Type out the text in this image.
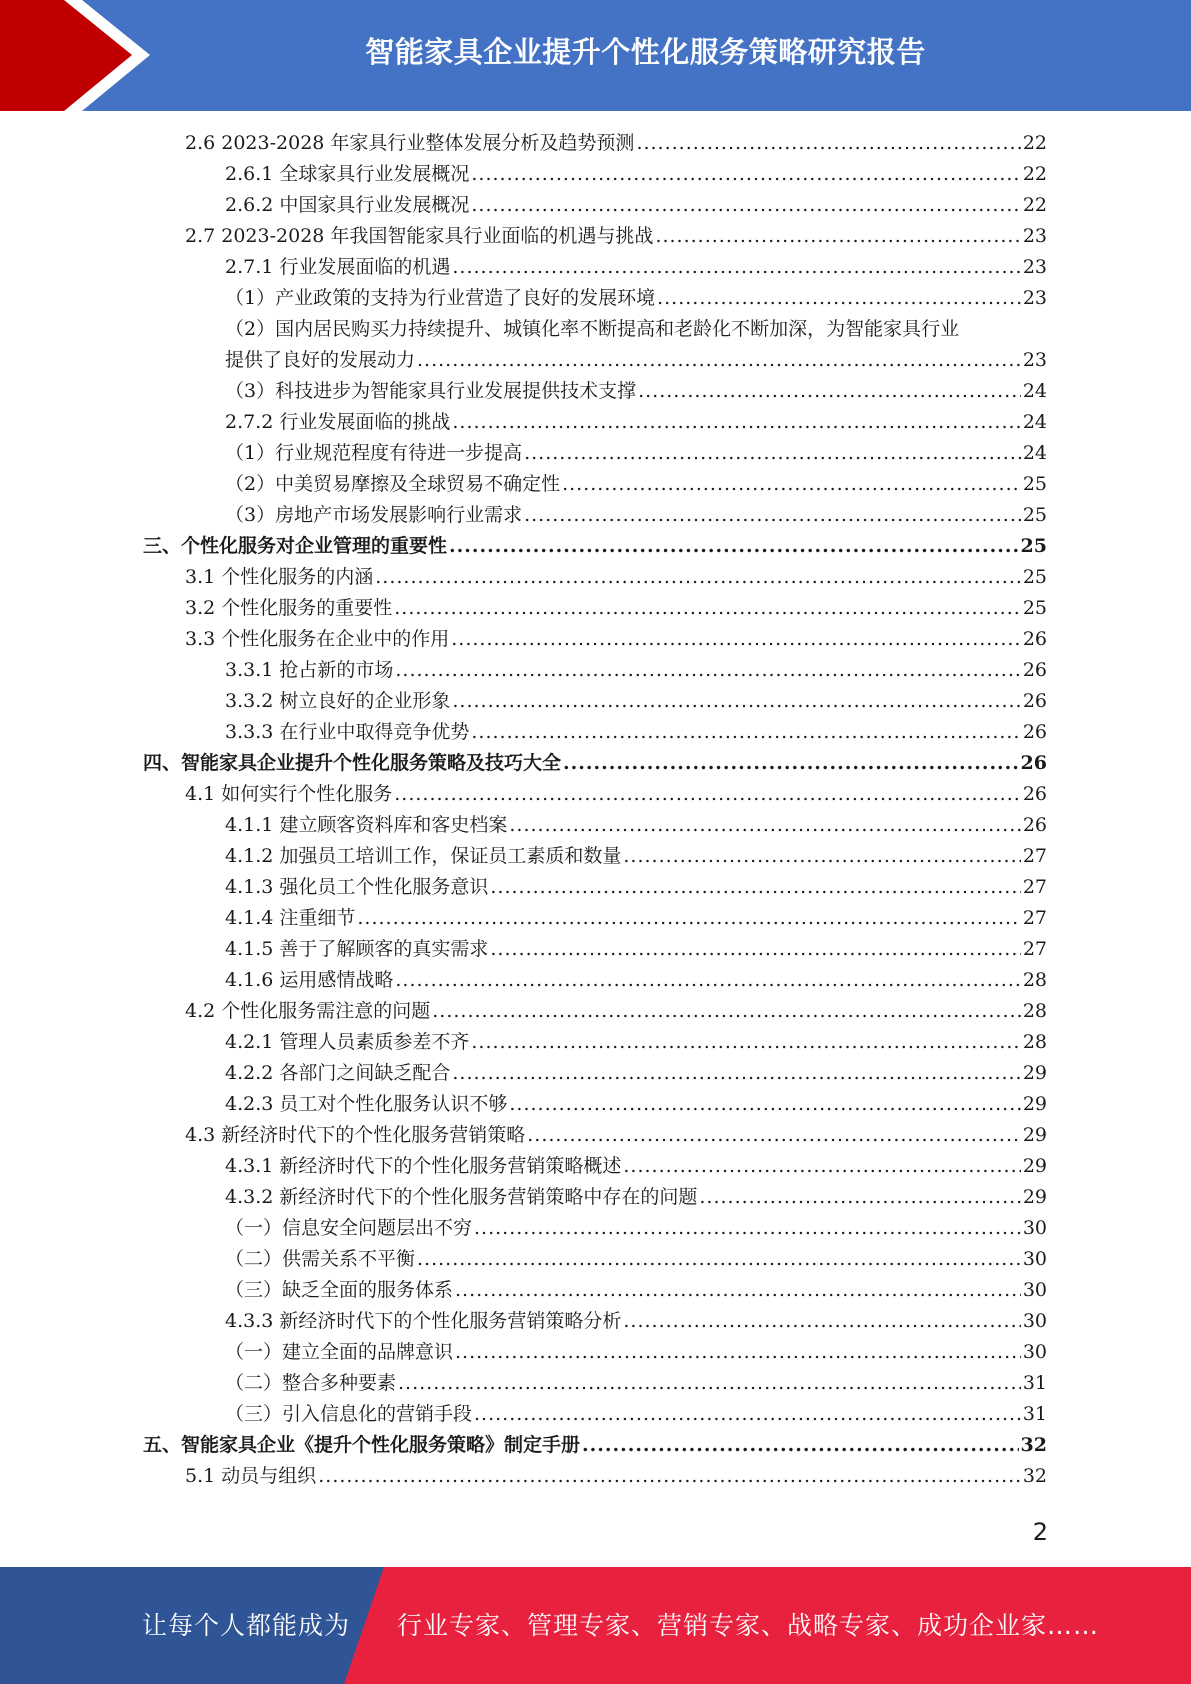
智能家具企业提升个性化服务策略研究报告
2.6 2023-2028 年家具行业整体发展分析及趋势预测 .....	22
2.6.1 全球家具行业发展概况 .....	22
2.6.2 中国家具行业发展概况 .....	22
2.7 2023-2028 年我国智能家具行业面临的机遇与挑战 .....	23
2.7.1 行业发展面临的机遇 .....	23
（1）产业政策的支持为行业营造了良好的发展环境 .....	23
（2）国内居民购买力持续提升、城镇化率不断提高和老龄化不断加深，为智能家具行业
提供了良好的发展动力 .....	23
（3）科技进步为智能家具行业发展提供技术支撑 .....	24
2.7.2 行业发展面临的挑战 .....	24
（1）行业规范程度有待进一步提高 .....	24
（2）中美贸易摩擦及全球贸易不确定性 .....	25
（3）房地产市场发展影响行业需求 .....	25
三、个性化服务对企业管理的重要性 .....	25
3.1 个性化服务的内涵 .....	25
3.2 个性化服务的重要性 .....	25
3.3 个性化服务在企业中的作用 .....	26
3.3.1 抢占新的市场 .....	26
3.3.2 树立良好的企业形象 .....	26
3.3.3 在行业中取得竞争优势 .....	26
四、智能家具企业提升个性化服务策略及技巧大全 .....	26
4.1 如何实行个性化服务 .....	26
4.1.1 建立顾客资料库和客史档案 .....	26
4.1.2 加强员工培训工作，保证员工素质和数量 .....	27
4.1.3 强化员工个性化服务意识 .....	27
4.1.4 注重细节 .....	27
4.1.5 善于了解顾客的真实需求 .....	27
4.1.6 运用感情战略 .....	28
4.2 个性化服务需注意的问题 .....	28
4.2.1 管理人员素质参差不齐 .....	28
4.2.2 各部门之间缺乏配合 .....	29
4.2.3 员工对个性化服务认识不够 .....	29
4.3 新经济时代下的个性化服务营销策略 .....	29
4.3.1 新经济时代下的个性化服务营销策略概述 .....	29
4.3.2 新经济时代下的个性化服务营销策略中存在的问题 .....	29
（一）信息安全问题层出不穷 .....	30
（二）供需关系不平衡 .....	30
（三）缺乏全面的服务体系 .....	30
4.3.3 新经济时代下的个性化服务营销策略分析 .....	30
（一）建立全面的品牌意识 .....	30
（二）整合多种要素 .....	31
（三）引入信息化的营销手段 .....	31
五、智能家具企业《提升个性化服务策略》制定手册 .....	32
5.1 动员与组织 .....	32
2
让每个人都能成为 行业专家、管理专家、营销专家、战略专家、成功企业家……
